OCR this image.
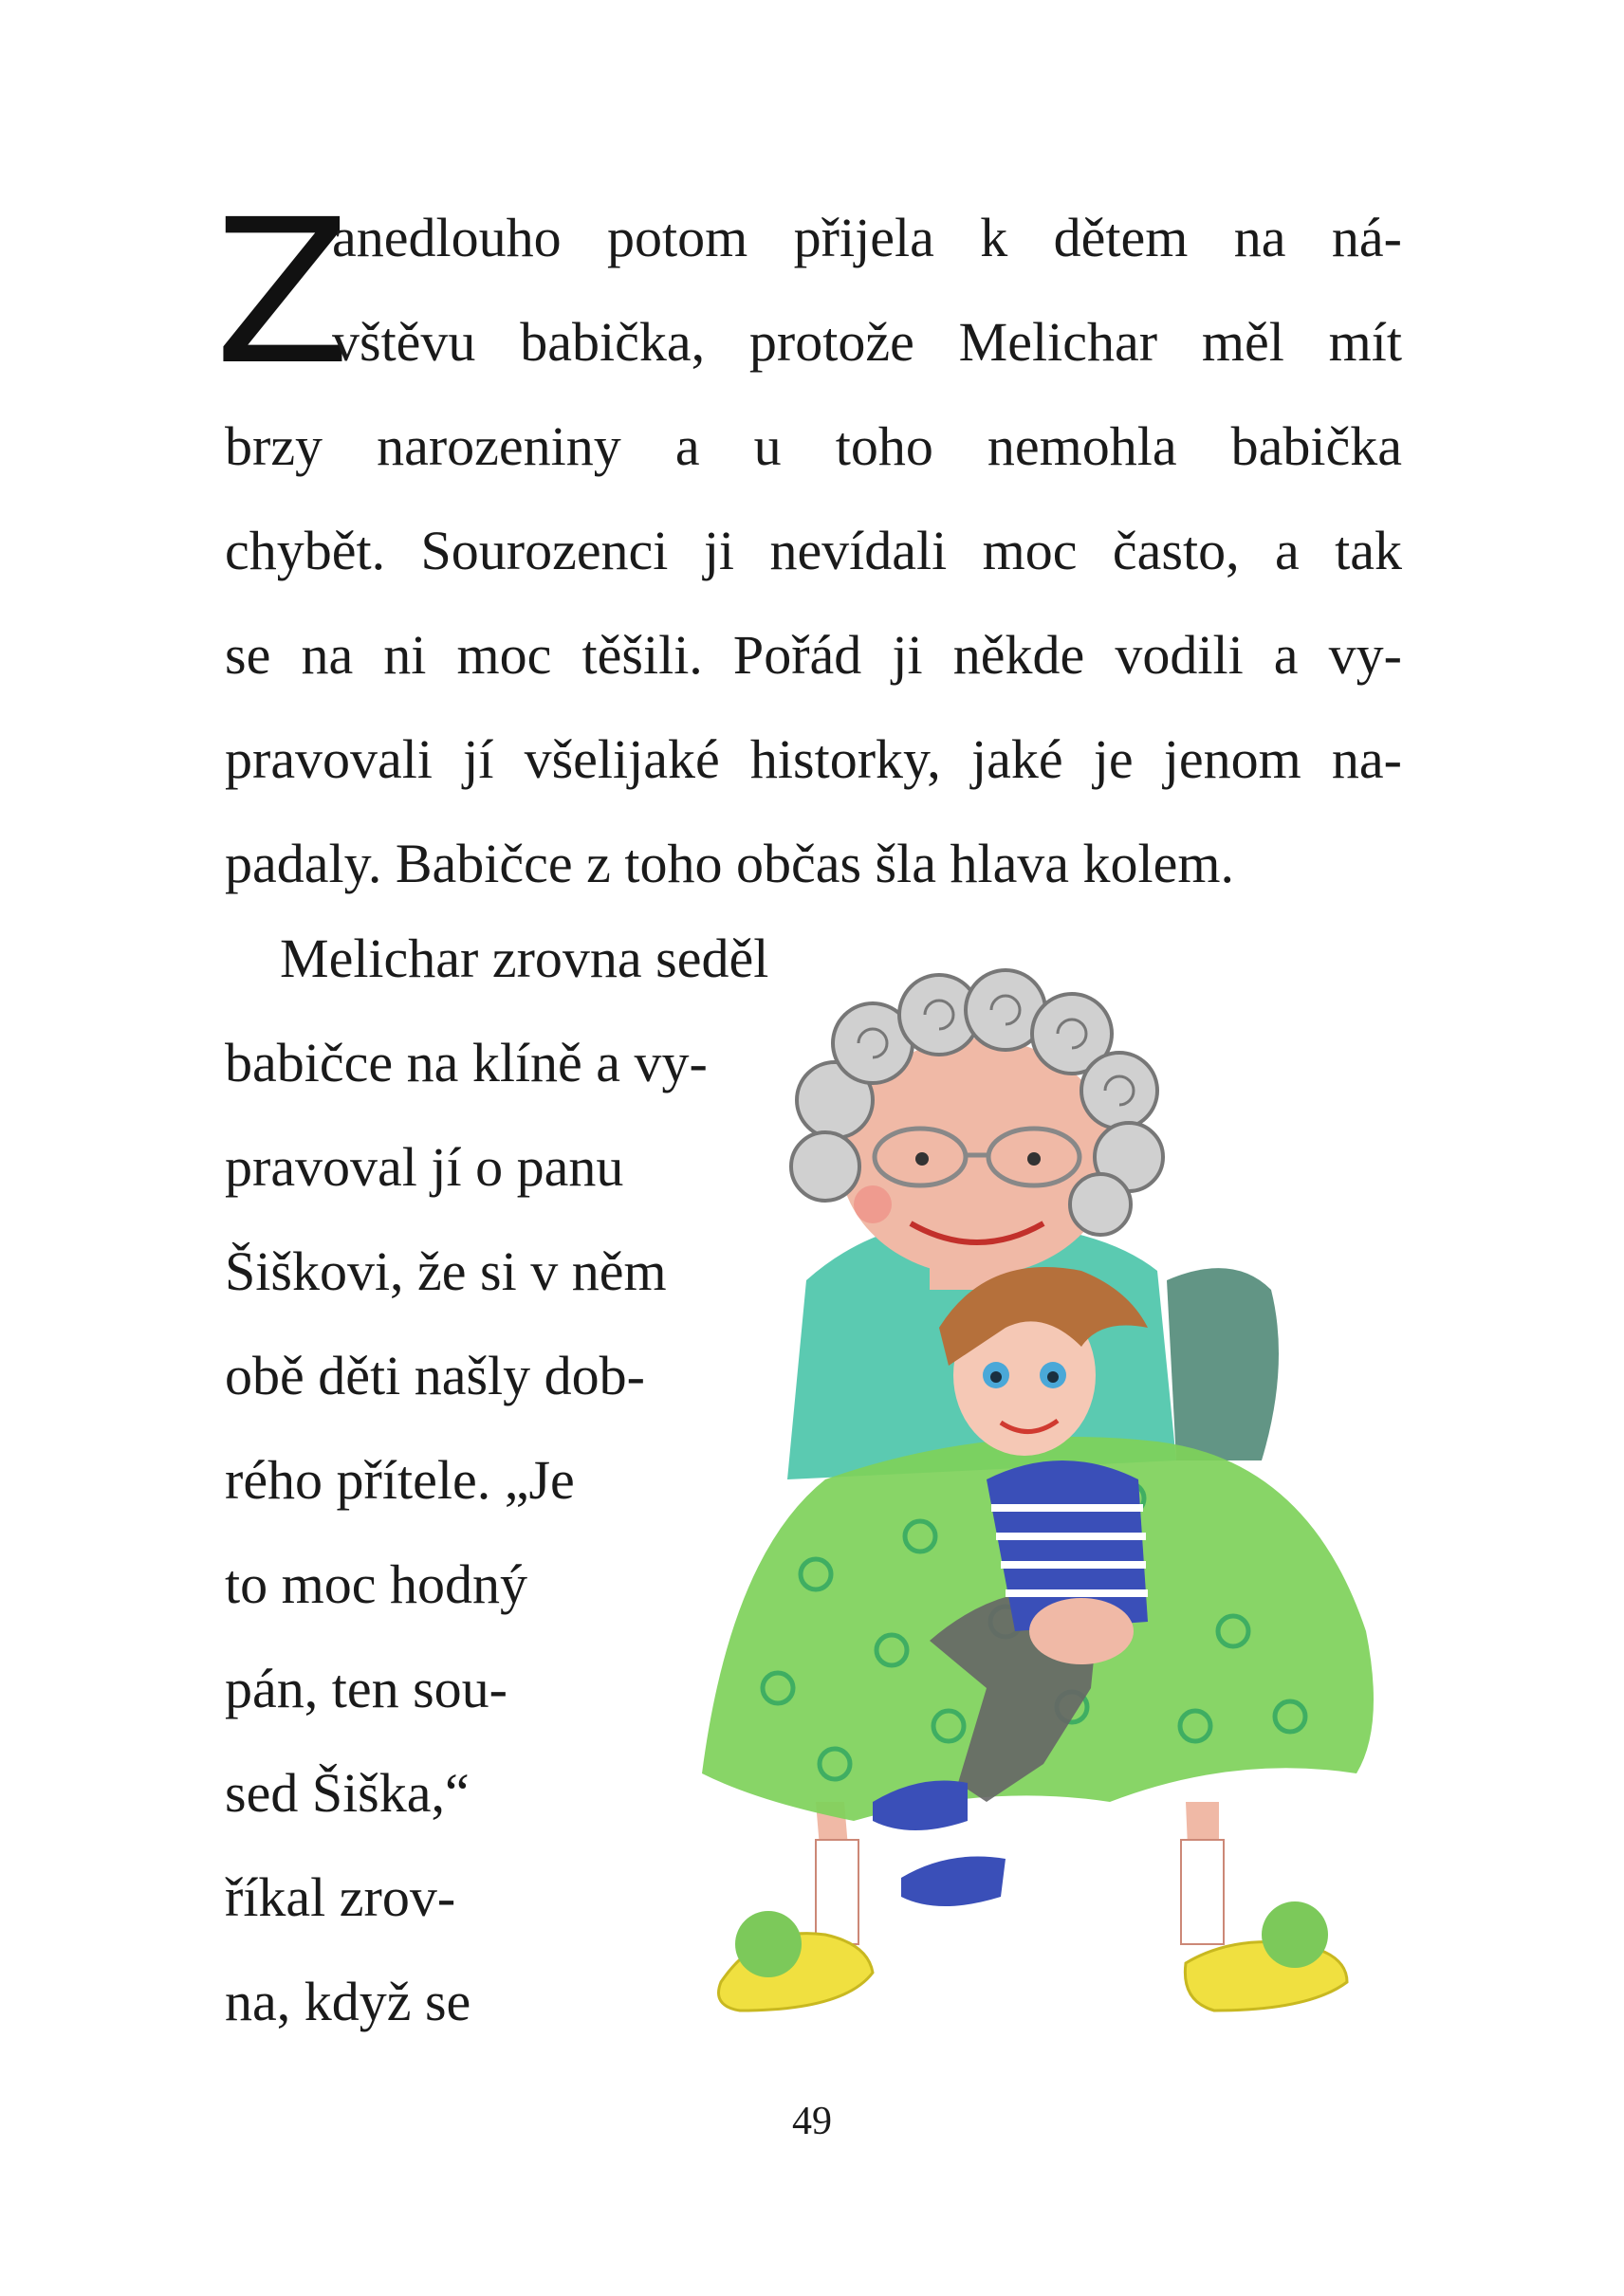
Z
anedlouho potom přijela k dětem na ná-
vštěvu babička, protože Melichar měl mít
brzy narozeniny a u toho nemohla babička
chybět. Sourozenci ji nevídali moc často, a tak
se na ni moc těšili. Pořád ji někde vodili a vy-
pravovali jí všelijaké historky, jaké je jenom na-
padaly. Babičce z toho občas šla hlava kolem.
Melichar zrovna seděl
babičce na klíně a vy-
pravoval jí o panu
Šiškovi, že si v něm
obě děti našly dob-
rého přítele. „Je
to moc hodný
pán, ten sou-
sed Šiška,“
říkal zrov-
na, když se
49
